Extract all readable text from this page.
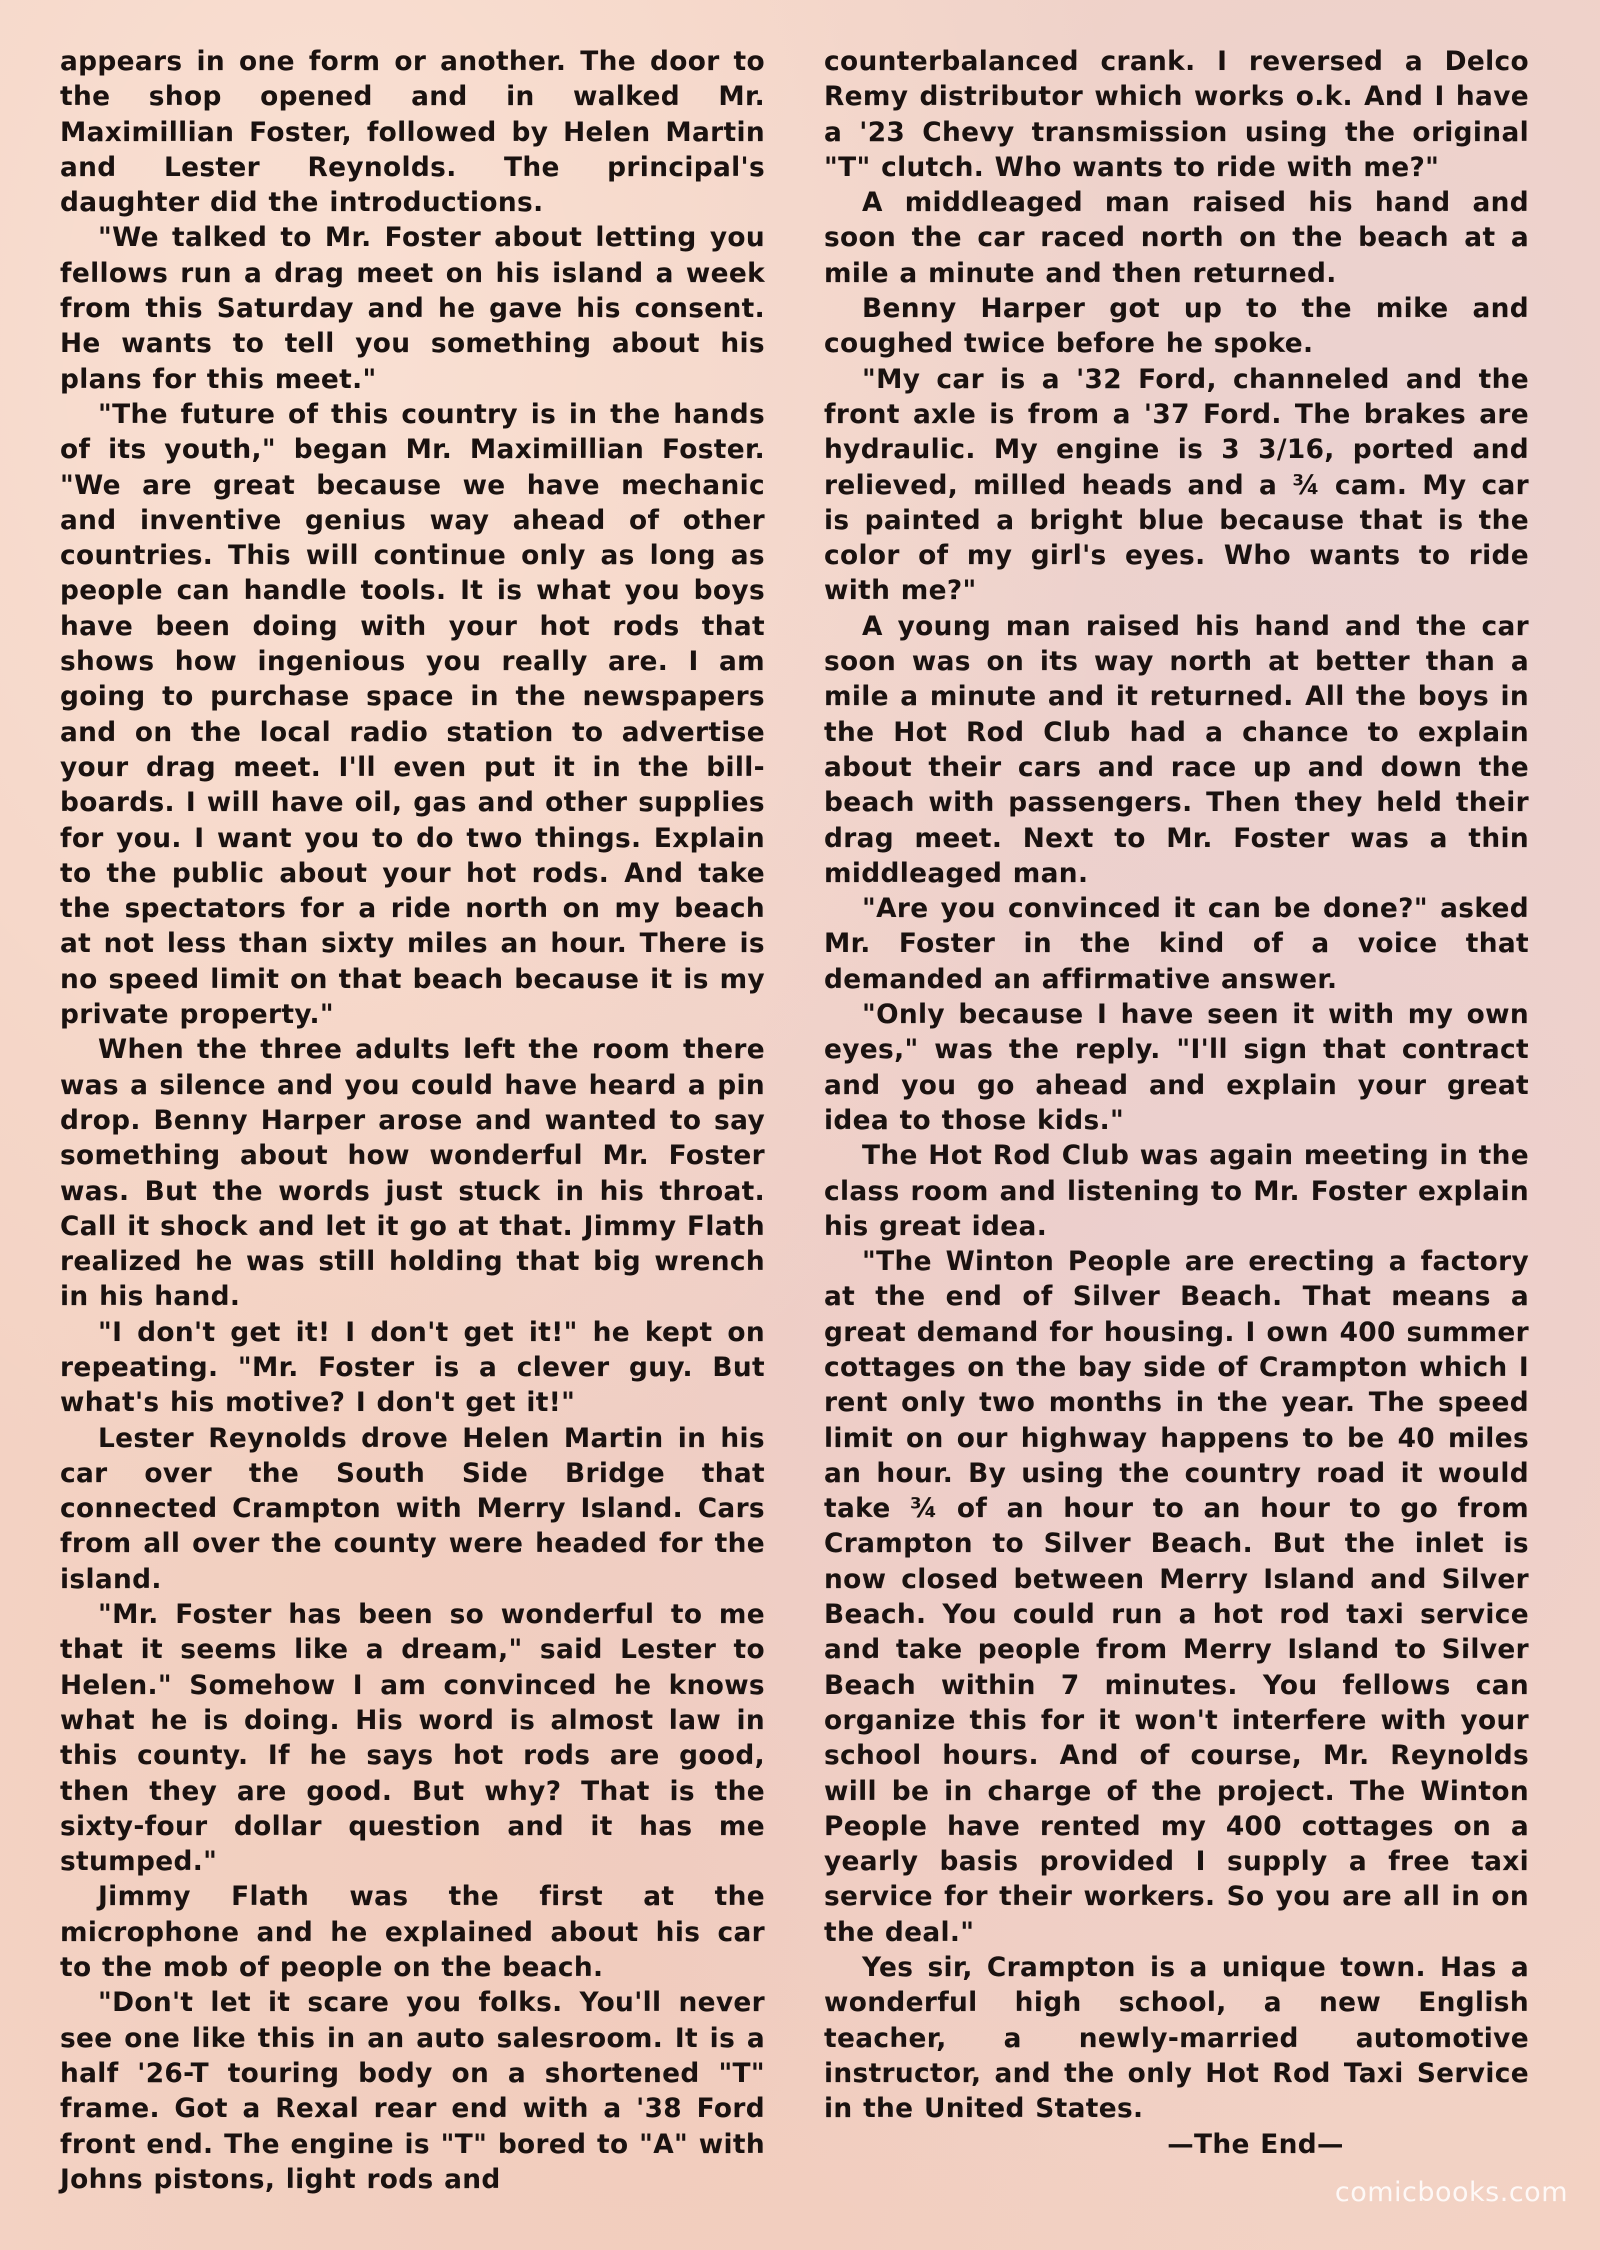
appears in one form or another. The door to the shop opened and in walked Mr. Maximillian Foster, followed by Helen Martin and Lester Reynolds. The principal's daughter did the introductions.

"We talked to Mr. Foster about letting you fellows run a drag meet on his island a week from this Saturday and he gave his consent. He wants to tell you something about his plans for this meet."

"The future of this country is in the hands of its youth," began Mr. Maximillian Foster. "We are great because we have mechanic and inventive genius way ahead of other countries. This will continue only as long as people can handle tools. It is what you boys have been doing with your hot rods that shows how ingenious you really are. I am going to purchase space in the newspapers and on the local radio station to advertise your drag meet. I'll even put it in the bill-boards. I will have oil, gas and other supplies for you. I want you to do two things. Explain to the public about your hot rods. And take the spectators for a ride north on my beach at not less than sixty miles an hour. There is no speed limit on that beach because it is my private property."

When the three adults left the room there was a silence and you could have heard a pin drop. Benny Harper arose and wanted to say something about how wonderful Mr. Foster was. But the words just stuck in his throat. Call it shock and let it go at that. Jimmy Flath realized he was still holding that big wrench in his hand.

"I don't get it! I don't get it!" he kept on repeating. "Mr. Foster is a clever guy. But what's his motive? I don't get it!"

Lester Reynolds drove Helen Martin in his car over the South Side Bridge that connected Crampton with Merry Island. Cars from all over the county were headed for the island.

"Mr. Foster has been so wonderful to me that it seems like a dream," said Lester to Helen." Somehow I am convinced he knows what he is doing. His word is almost law in this county. If he says hot rods are good, then they are good. But why? That is the sixty-four dollar question and it has me stumped."

Jimmy Flath was the first at the microphone and he explained about his car to the mob of people on the beach.

"Don't let it scare you folks. You'll never see one like this in an auto salesroom. It is a half '26-T touring body on a shortened "T" frame. Got a Rexal rear end with a '38 Ford front end. The engine is "T" bored to "A" with Johns pistons, light rods and

counterbalanced crank. I reversed a Delco Remy distributor which works o.k. And I have a '23 Chevy transmission using the original "T" clutch. Who wants to ride with me?"

A middleaged man raised his hand and soon the car raced north on the beach at a mile a minute and then returned.

Benny Harper got up to the mike and coughed twice before he spoke.

"My car is a '32 Ford, channeled and the front axle is from a '37 Ford. The brakes are hydraulic. My engine is 3 3/16, ported and relieved, milled heads and a ¾ cam. My car is painted a bright blue because that is the color of my girl's eyes. Who wants to ride with me?"

A young man raised his hand and the car soon was on its way north at better than a mile a minute and it returned. All the boys in the Hot Rod Club had a chance to explain about their cars and race up and down the beach with passengers. Then they held their drag meet. Next to Mr. Foster was a thin middleaged man.

"Are you convinced it can be done?" asked Mr. Foster in the kind of a voice that demanded an affirmative answer.

"Only because I have seen it with my own eyes," was the reply. "I'll sign that contract and you go ahead and explain your great idea to those kids."

The Hot Rod Club was again meeting in the class room and listening to Mr. Foster explain his great idea.

"The Winton People are erecting a factory at the end of Silver Beach. That means a great demand for housing. I own 400 summer cottages on the bay side of Crampton which I rent only two months in the year. The speed limit on our highway happens to be 40 miles an hour. By using the country road it would take ¾ of an hour to an hour to go from Crampton to Silver Beach. But the inlet is now closed between Merry Island and Silver Beach. You could run a hot rod taxi service and take people from Merry Island to Silver Beach within 7 minutes. You fellows can organize this for it won't interfere with your school hours. And of course, Mr. Reynolds will be in charge of the project. The Winton People have rented my 400 cottages on a yearly basis provided I supply a free taxi service for their workers. So you are all in on the deal."

Yes sir, Crampton is a unique town. Has a wonderful high school, a new English teacher, a newly-married automotive instructor, and the only Hot Rod Taxi Service in the United States.

—The End—

comicbooks.com
